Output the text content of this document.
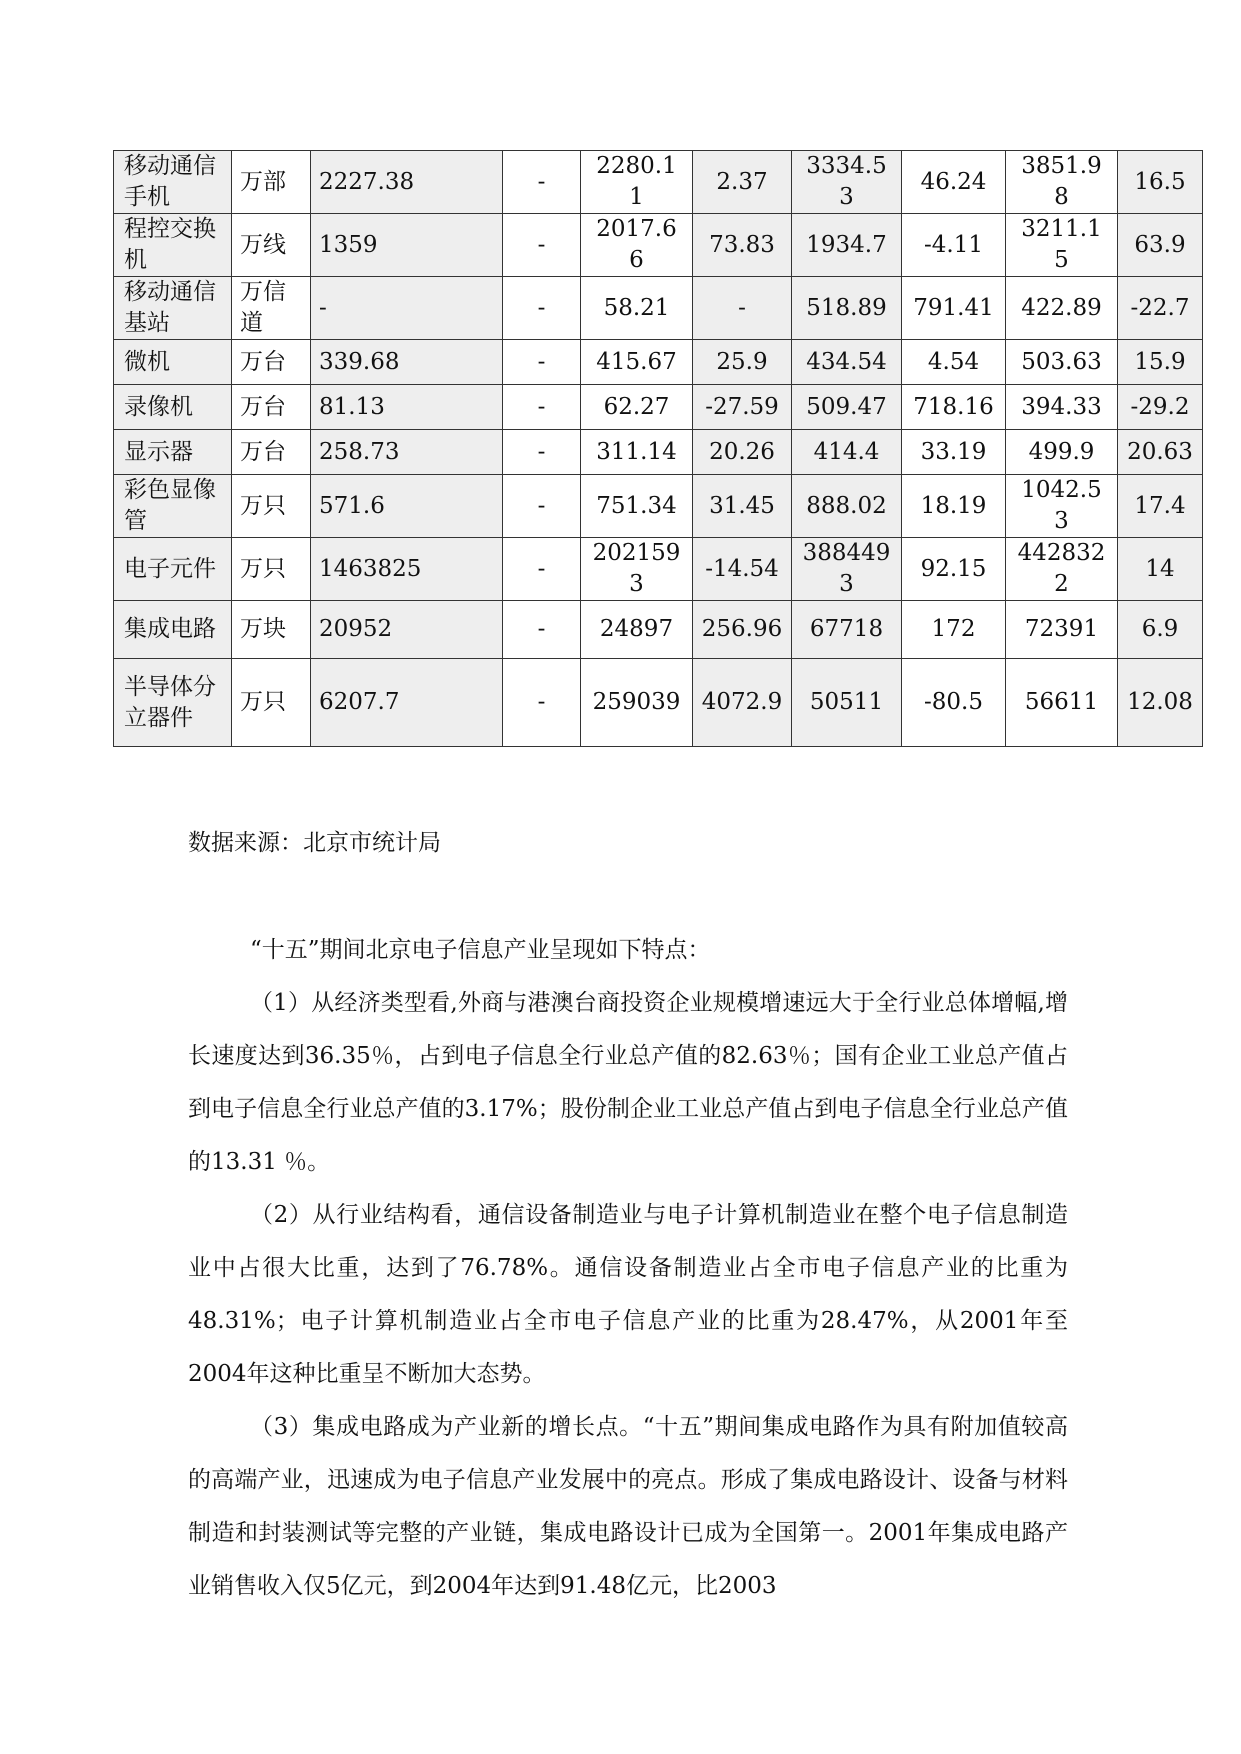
移动通信手机	万部	2227.38	-	2280.11	2.37	3334.53	46.24	3851.98	16.5
程控交换机	万线	1359	-	2017.66	73.83	1934.7	-4.11	3211.15	63.9
移动通信基站	万信道	-	-	58.21	-	518.89	791.41	422.89	-22.7
微机	万台	339.68	-	415.67	25.9	434.54	4.54	503.63	15.9
录像机	万台	81.13	-	62.27	-27.59	509.47	718.16	394.33	-29.2
显示器	万台	258.73	-	311.14	20.26	414.4	33.19	499.9	20.63
彩色显像管	万只	571.6	-	751.34	31.45	888.02	18.19	1042.53	17.4
电子元件	万只	1463825	-	2021593	-14.54	3884493	92.15	4428322	14
集成电路	万块	20952	-	24897	256.96	67718	172	72391	6.9
半导体分立器件	万只	6207.7	-	259039	4072.9	50511	-80.5	56611	12.08
数据来源：北京市统计局

“十五”期间北京电子信息产业呈现如下特点：

（1）从经济类型看,外商与港澳台商投资企业规模增速远大于全行业总体增幅,增长速度达到36.35％，占到电子信息全行业总产值的82.63％；国有企业工业总产值占到电子信息全行业总产值的3.17%；股份制企业工业总产值占到电子信息全行业总产值的13.31 ％。

（2）从行业结构看，通信设备制造业与电子计算机制造业在整个电子信息制造业中占很大比重，达到了76.78%。通信设备制造业占全市电子信息产业的比重为48.31%；电子计算机制造业占全市电子信息产业的比重为28.47%，从2001年至2004年这种比重呈不断加大态势。

（3）集成电路成为产业新的增长点。“十五”期间集成电路作为具有附加值较高的高端产业，迅速成为电子信息产业发展中的亮点。形成了集成电路设计、设备与材料制造和封装测试等完整的产业链，集成电路设计已成为全国第一。2001年集成电路产业销售收入仅5亿元，到2004年达到91.48亿元，比2003
